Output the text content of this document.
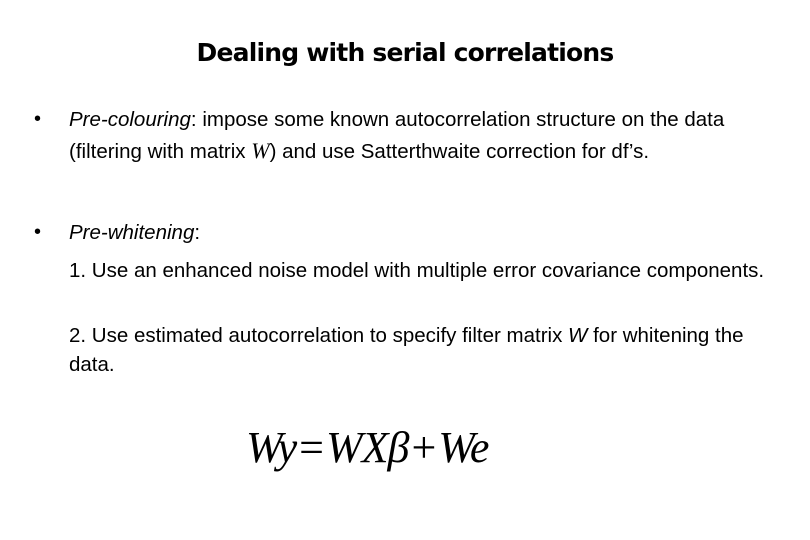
Dealing with serial correlations
• Pre-colouring: impose some known autocorrelation structure on the data (filtering with matrix W) and use Satterthwaite correction for df’s.
• Pre-whitening:
1. Use an enhanced noise model with multiple error covariance components.
2. Use estimated autocorrelation to specify filter matrix W for whitening the data.
Wy=WXβ+We
